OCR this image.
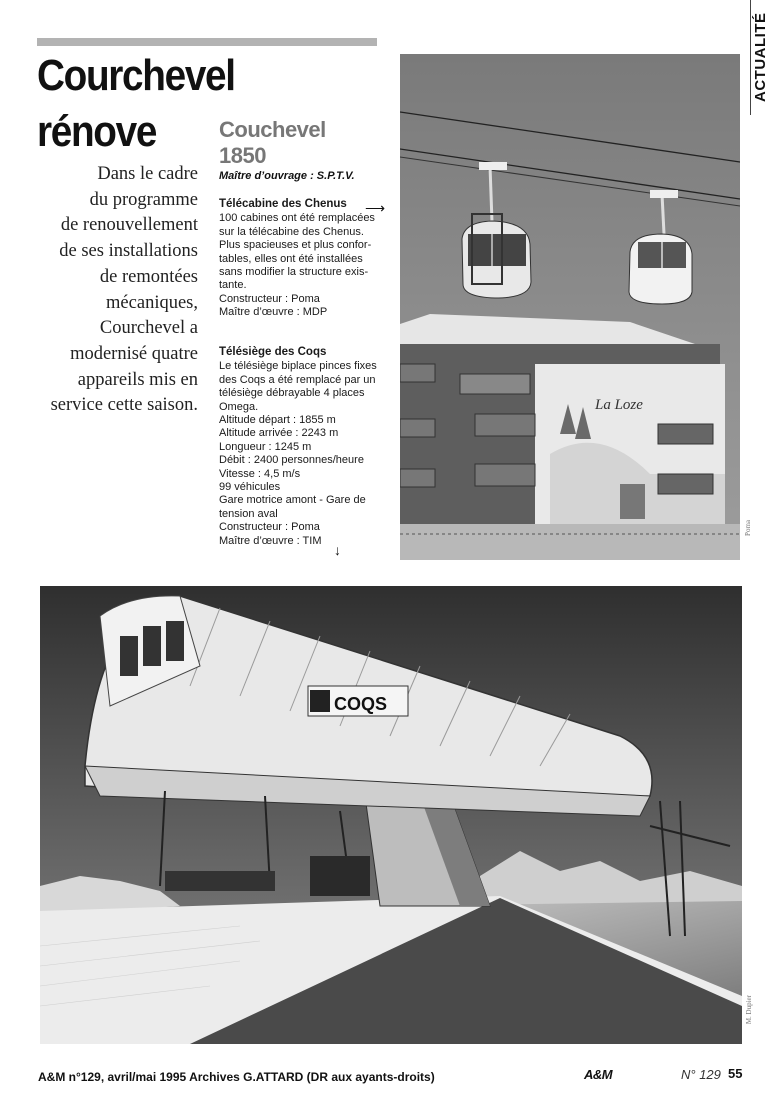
ACTUALITÉ
Courchevel
rénove

Dans le cadre
du programme
de renouvellement
de ses installations
de remontées
mécaniques,
Courchevel a
modernisé quatre
appareils mis en
service cette saison.

Couchevel
1850
Maître d’ouvrage : S.P.T.V.
Télécabine des Chenus
100 cabines ont été remplacées
sur la télécabine des Chenus.
Plus spacieuses et plus confor-
tables, elles ont été installées
sans modifier la structure exis-
tante.
Constructeur : Poma
Maître d’œuvre : MDP
⟶
Télésiège des Coqs
Le télésiège biplace pinces fixes
des Coqs a été remplacé par un
télésiège débrayable 4 places
Omega.
Altitude départ : 1855 m
Altitude arrivée : 2243 m
Longueur : 1245 m
Débit : 2400 personnes/heure
Vitesse : 4,5 m/s
99 véhicules
Gare motrice amont - Gare de
tension aval
Constructeur : Poma
Maître d’œuvre : TIM
↓
La Loze
Poma
COQS
M. Dupier
A&M n°129, avril/mai 1995 Archives G.ATTARD (DR aux ayants-droits)	A&M	N° 129 55
